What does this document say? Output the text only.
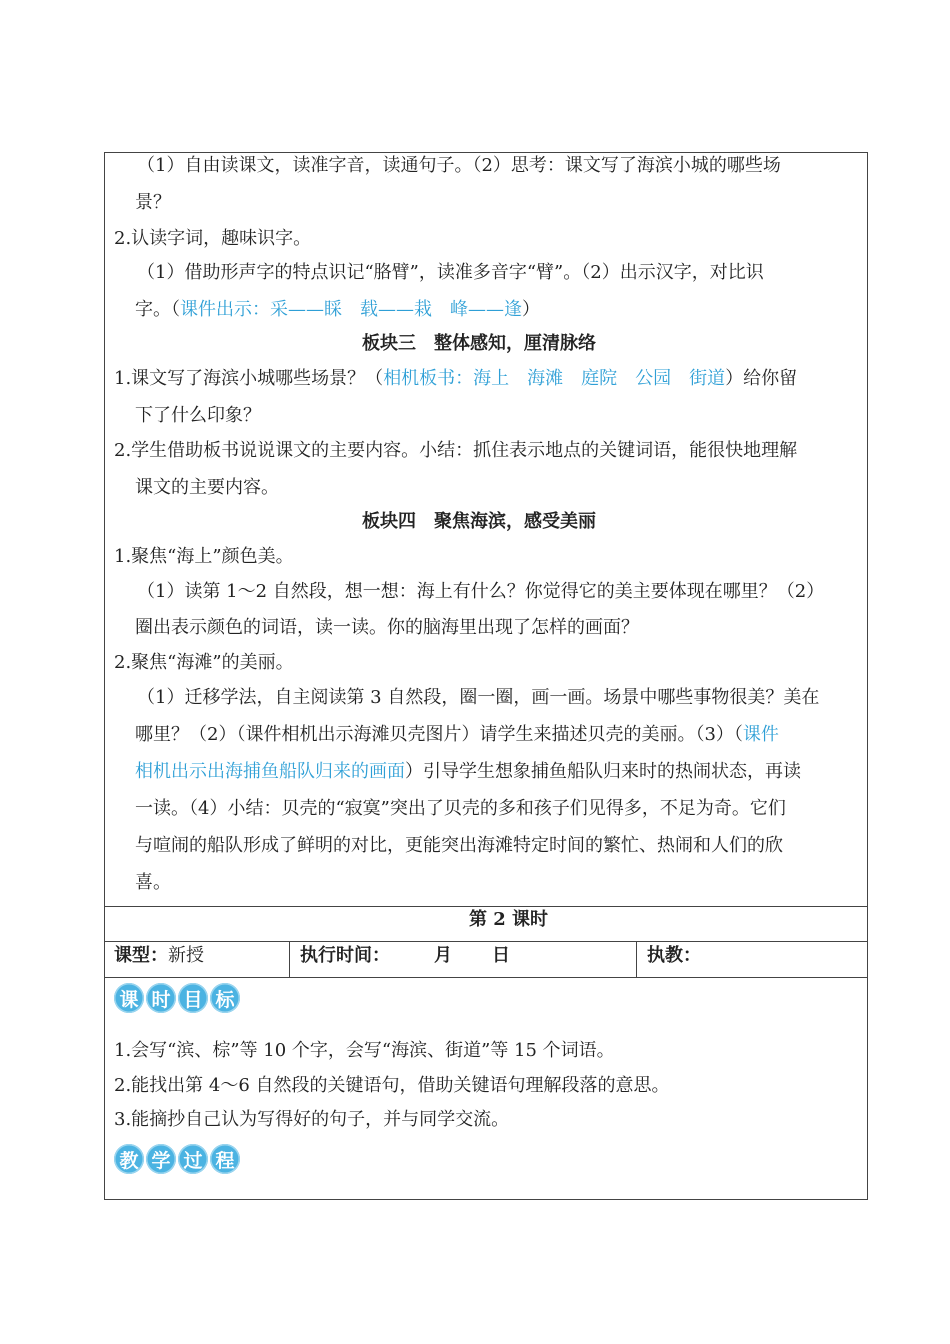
（1）自由读课文，读准字音，读通句子。（2）思考：课文写了海滨小城的哪些场
景？
2.认读字词，趣味识字。
（1）借助形声字的特点识记“胳臂”，读准多音字“臂”。（2）出示汉字，对比识
字。（课件出示：采——睬　载——栽　峰——逢）
板块三　整体感知，厘清脉络
1.课文写了海滨小城哪些场景？（相机板书：海上　海滩　庭院　公园　街道）给你留
下了什么印象？
2.学生借助板书说说课文的主要内容。小结：抓住表示地点的关键词语，能很快地理解
课文的主要内容。
板块四　聚焦海滨，感受美丽
1.聚焦“海上”颜色美。
（1）读第 1～2 自然段，想一想：海上有什么？你觉得它的美主要体现在哪里？（2）
圈出表示颜色的词语，读一读。你的脑海里出现了怎样的画面？
2.聚焦“海滩”的美丽。
（1）迁移学法，自主阅读第 3 自然段，圈一圈，画一画。场景中哪些事物很美？美在
哪里？（2）（课件相机出示海滩贝壳图片）请学生来描述贝壳的美丽。（3）（课件
相机出示出海捕鱼船队归来的画面）引导学生想象捕鱼船队归来时的热闹状态，再读
一读。（4）小结：贝壳的“寂寞”突出了贝壳的多和孩子们见得多，不足为奇。它们
与喧闹的船队形成了鲜明的对比，更能突出海滩特定时间的繁忙、热闹和人们的欣
喜。
第 2 课时
课型：新授	执行时间： 月 日	执教：
课 时 目 标
1.会写“滨、棕”等 10 个字，会写“海滨、街道”等 15 个词语。
2.能找出第 4～6 自然段的关键语句，借助关键语句理解段落的意思。
3.能摘抄自己认为写得好的句子，并与同学交流。
教 学 过 程
